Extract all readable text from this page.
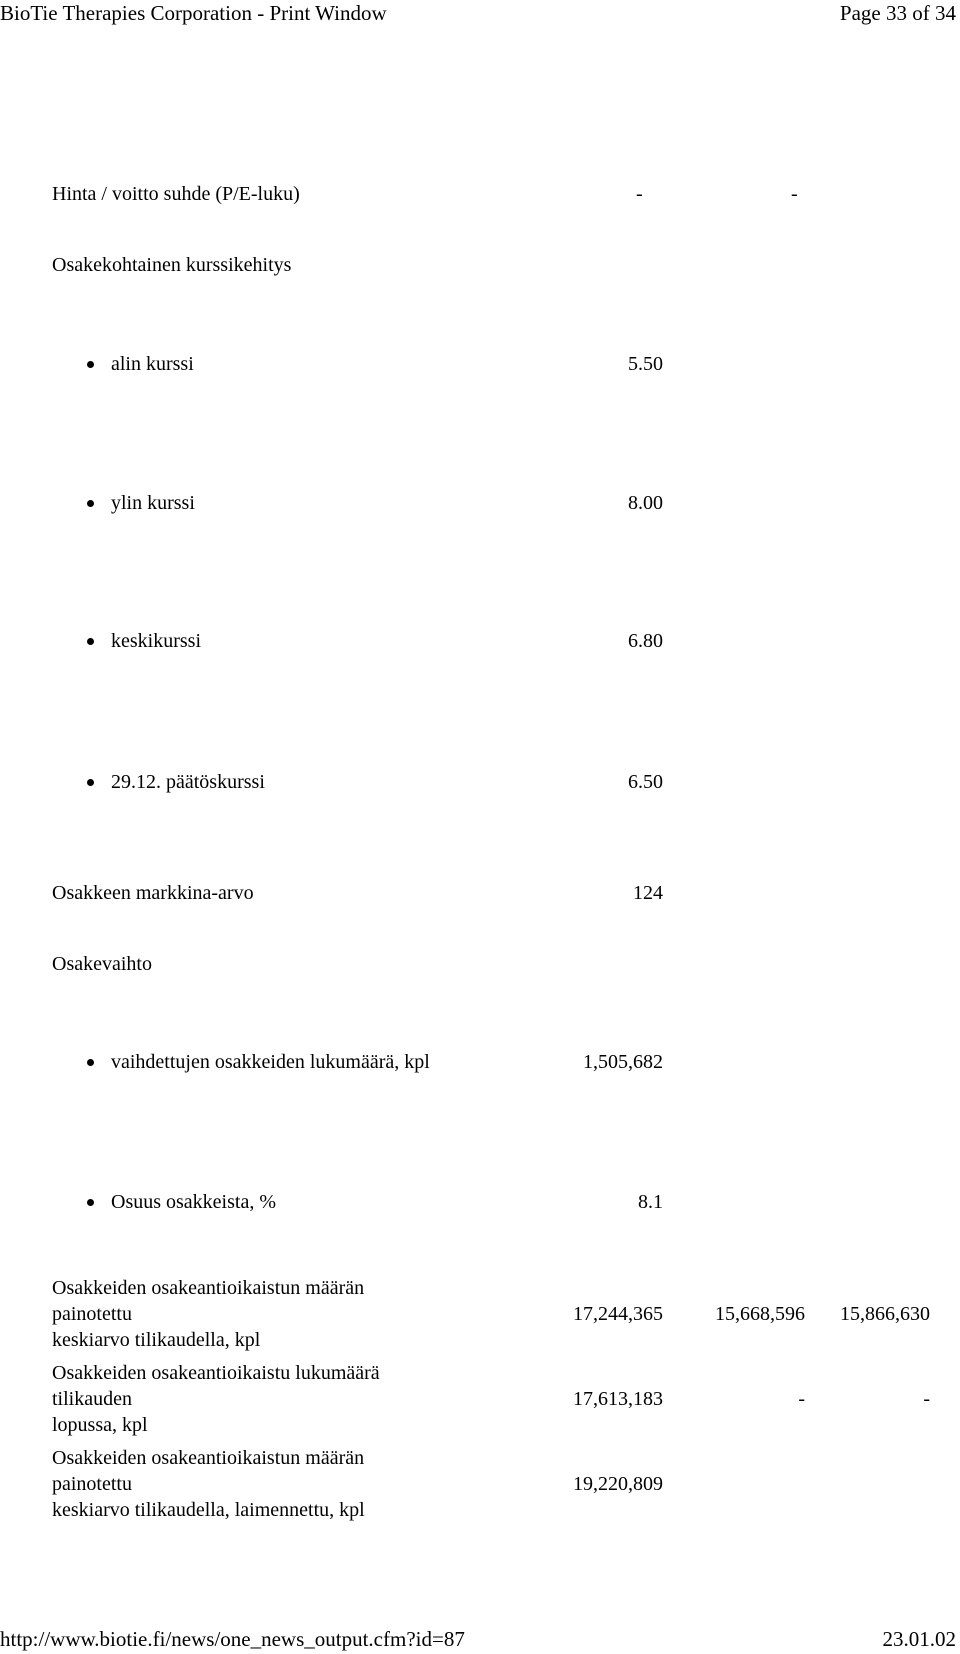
BioTie Therapies Corporation - Print Window	Page 33 of 34
Hinta / voitto suhde (P/E-luku)	-	-
Osakekohtainen kurssikehitys
alin kurssi	5.50
ylin kurssi	8.00
keskikurssi	6.80
29.12. päätöskurssi	6.50
Osakkeen markkina-arvo	124
Osakevaihto
vaihdettujen osakkeiden lukumäärä, kpl	1,505,682
Osuus osakkeista, %	8.1
Osakkeiden osakeantioikaistun määrän
painotettu
keskiarvo tilikaudella, kpl
17,244,365	15,668,596 15,866,630
Osakkeiden osakeantioikaistu lukumäärä
tilikauden
lopussa, kpl
17,613,183	-	-
Osakkeiden osakeantioikaistun määrän
painotettu
keskiarvo tilikaudella, laimennettu, kpl
19,220,809
http://www.biotie.fi/news/one_news_output.cfm?id=87	23.01.02
